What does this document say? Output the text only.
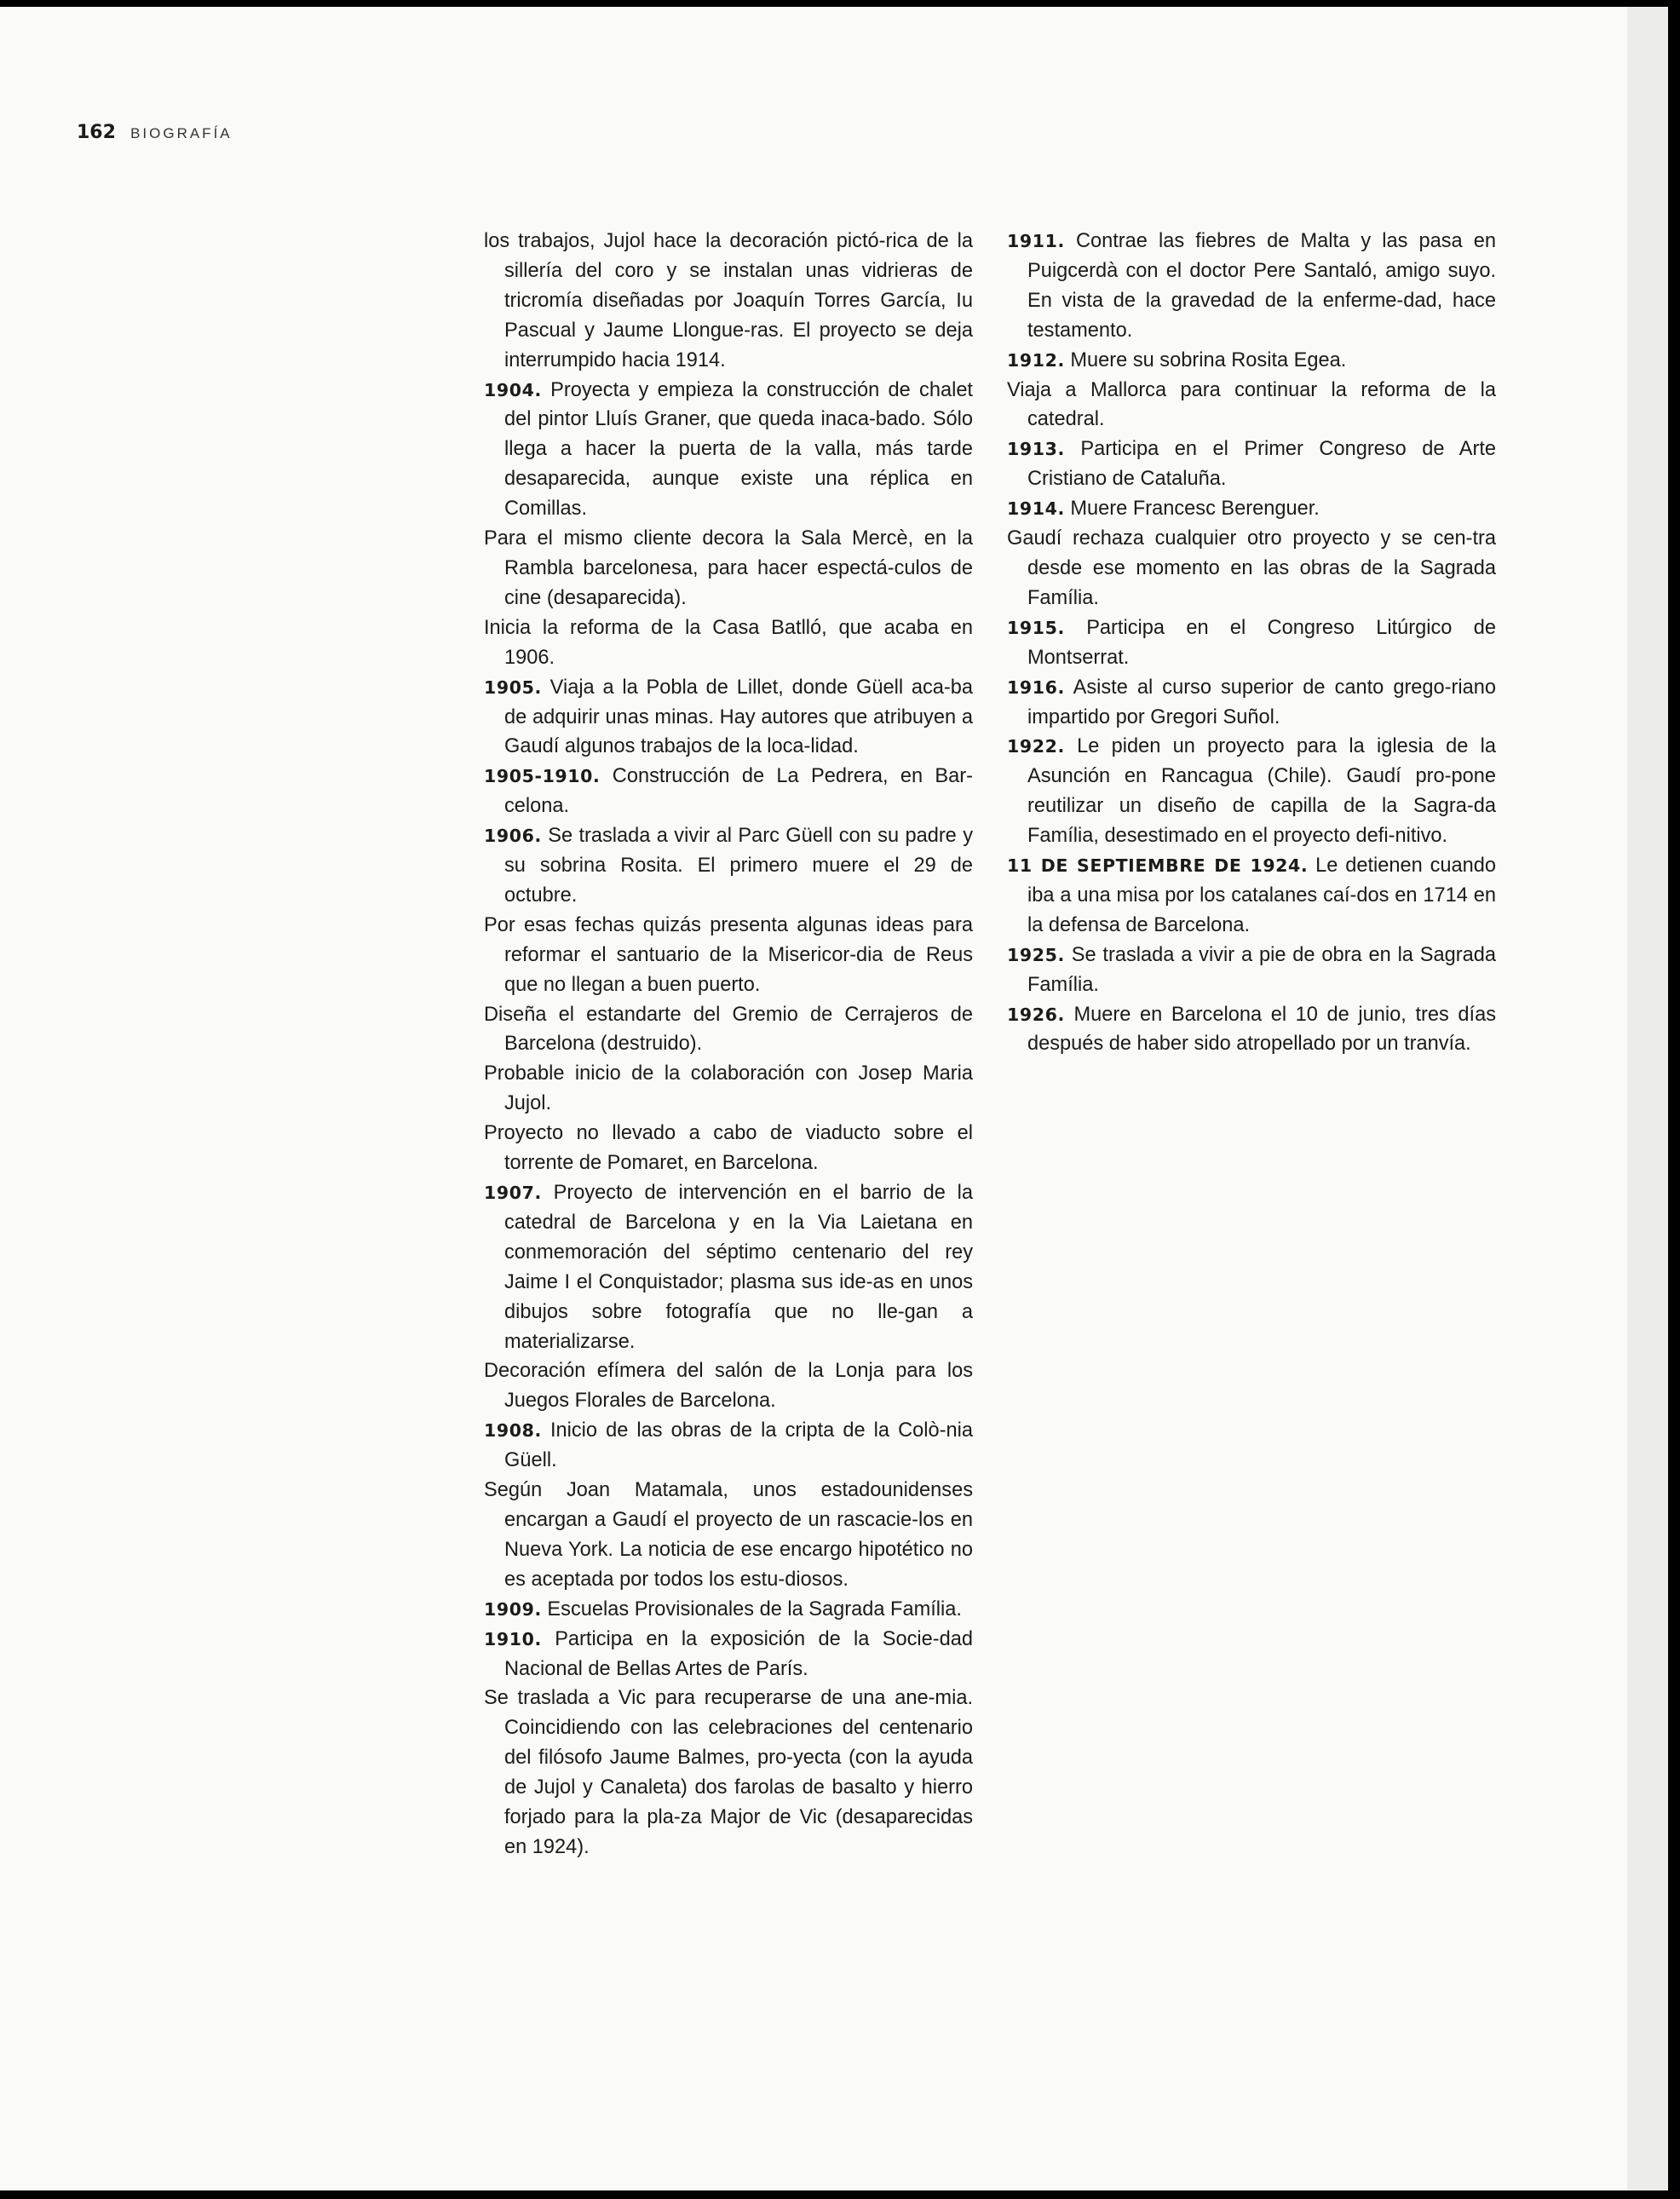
162 BIOGRAFÍA

los trabajos, Jujol hace la decoración pictó-rica de la sillería del coro y se instalan unas vidrieras de tricromía diseñadas por Joaquín Torres García, Iu Pascual y Jaume Llongue-ras. El proyecto se deja interrumpido hacia 1914.

1904. Proyecta y empieza la construcción de chalet del pintor Lluís Graner, que queda inaca-bado. Sólo llega a hacer la puerta de la valla, más tarde desaparecida, aunque existe una réplica en Comillas.

Para el mismo cliente decora la Sala Mercè, en la Rambla barcelonesa, para hacer espectá-culos de cine (desaparecida).

Inicia la reforma de la Casa Batlló, que acaba en 1906.

1905. Viaja a la Pobla de Lillet, donde Güell aca-ba de adquirir unas minas. Hay autores que atribuyen a Gaudí algunos trabajos de la loca-lidad.

1905-1910. Construcción de La Pedrera, en Bar-celona.

1906. Se traslada a vivir al Parc Güell con su padre y su sobrina Rosita. El primero muere el 29 de octubre.

Por esas fechas quizás presenta algunas ideas para reformar el santuario de la Misericor-dia de Reus que no llegan a buen puerto.

Diseña el estandarte del Gremio de Cerrajeros de Barcelona (destruido).

Probable inicio de la colaboración con Josep Maria Jujol.

Proyecto no llevado a cabo de viaducto sobre el torrente de Pomaret, en Barcelona.

1907. Proyecto de intervención en el barrio de la catedral de Barcelona y en la Via Laietana en conmemoración del séptimo centenario del rey Jaime I el Conquistador; plasma sus ide-as en unos dibujos sobre fotografía que no lle-gan a materializarse.

Decoración efímera del salón de la Lonja para los Juegos Florales de Barcelona.

1908. Inicio de las obras de la cripta de la Colò-nia Güell.

Según Joan Matamala, unos estadounidenses encargan a Gaudí el proyecto de un rascacie-los en Nueva York. La noticia de ese encargo hipotético no es aceptada por todos los estu-diosos.

1909. Escuelas Provisionales de la Sagrada Família.

1910. Participa en la exposición de la Socie-dad Nacional de Bellas Artes de París.

Se traslada a Vic para recuperarse de una ane-mia. Coincidiendo con las celebraciones del centenario del filósofo Jaume Balmes, pro-yecta (con la ayuda de Jujol y Canaleta) dos farolas de basalto y hierro forjado para la pla-za Major de Vic (desaparecidas en 1924).

1911. Contrae las fiebres de Malta y las pasa en Puigcerdà con el doctor Pere Santaló, amigo suyo. En vista de la gravedad de la enferme-dad, hace testamento.

1912. Muere su sobrina Rosita Egea.

Viaja a Mallorca para continuar la reforma de la catedral.

1913. Participa en el Primer Congreso de Arte Cristiano de Cataluña.

1914. Muere Francesc Berenguer.

Gaudí rechaza cualquier otro proyecto y se cen-tra desde ese momento en las obras de la Sagrada Família.

1915. Participa en el Congreso Litúrgico de Montserrat.

1916. Asiste al curso superior de canto grego-riano impartido por Gregori Suñol.

1922. Le piden un proyecto para la iglesia de la Asunción en Rancagua (Chile). Gaudí pro-pone reutilizar un diseño de capilla de la Sagra-da Família, desestimado en el proyecto defi-nitivo.

11 DE SEPTIEMBRE DE 1924. Le detienen cuando iba a una misa por los catalanes caí-dos en 1714 en la defensa de Barcelona.

1925. Se traslada a vivir a pie de obra en la Sagrada Família.

1926. Muere en Barcelona el 10 de junio, tres días después de haber sido atropellado por un tranvía.
